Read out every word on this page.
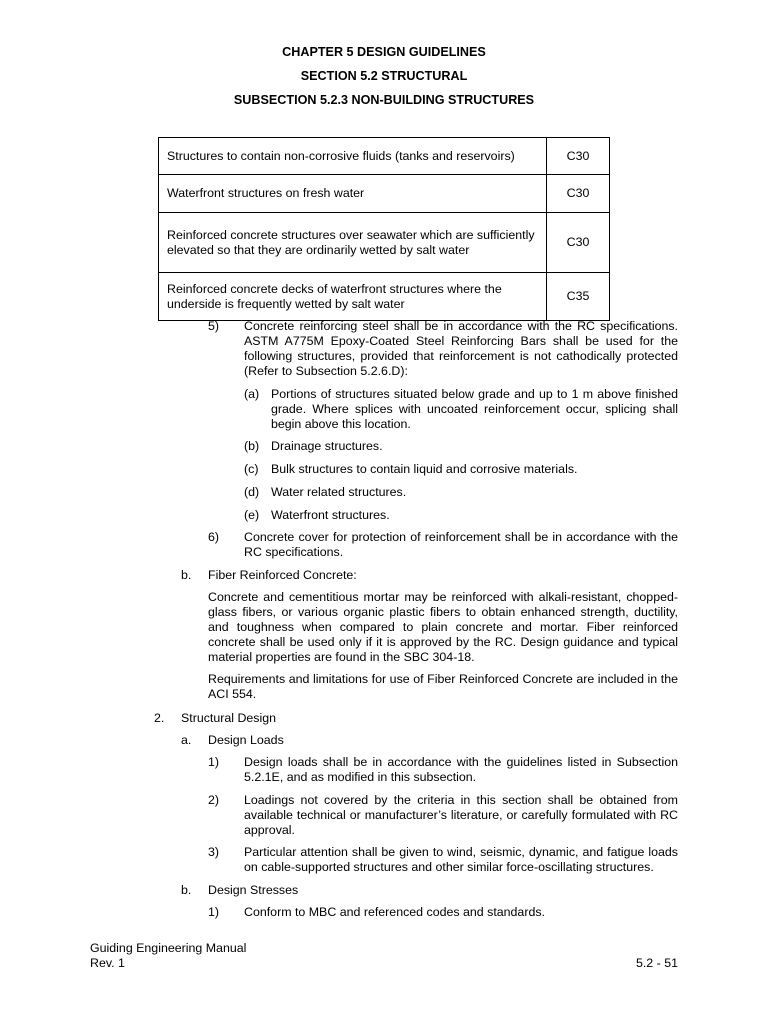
CHAPTER 5 DESIGN GUIDELINES
SECTION 5.2 STRUCTURAL
SUBSECTION 5.2.3 NON-BUILDING STRUCTURES
Structures to contain non-corrosive fluids (tanks and reservoirs)	C30
Waterfront structures on fresh water	C30
Reinforced concrete structures over seawater which are sufficiently elevated so that they are ordinarily wetted by salt water	C30
Reinforced concrete decks of waterfront structures where the underside is frequently wetted by salt water	C35
5) Concrete reinforcing steel shall be in accordance with the RC specifications. ASTM A775M Epoxy-Coated Steel Reinforcing Bars shall be used for the following structures, provided that reinforcement is not cathodically protected (Refer to Subsection 5.2.6.D):
(a) Portions of structures situated below grade and up to 1 m above finished grade. Where splices with uncoated reinforcement occur, splicing shall begin above this location.
(b) Drainage structures.
(c) Bulk structures to contain liquid and corrosive materials.
(d) Water related structures.
(e) Waterfront structures.
6) Concrete cover for protection of reinforcement shall be in accordance with the RC specifications.
b. Fiber Reinforced Concrete:
Concrete and cementitious mortar may be reinforced with alkali-resistant, chopped-glass fibers, or various organic plastic fibers to obtain enhanced strength, ductility, and toughness when compared to plain concrete and mortar. Fiber reinforced concrete shall be used only if it is approved by the RC. Design guidance and typical material properties are found in the SBC 304-18.
Requirements and limitations for use of Fiber Reinforced Concrete are included in the ACI 554.
2. Structural Design
a. Design Loads
1) Design loads shall be in accordance with the guidelines listed in Subsection 5.2.1E, and as modified in this subsection.
2) Loadings not covered by the criteria in this section shall be obtained from available technical or manufacturer’s literature, or carefully formulated with RC approval.
3) Particular attention shall be given to wind, seismic, dynamic, and fatigue loads on cable-supported structures and other similar force-oscillating structures.
b. Design Stresses
1) Conform to MBC and referenced codes and standards.
Guiding Engineering Manual
Rev. 1	5.2 - 51
